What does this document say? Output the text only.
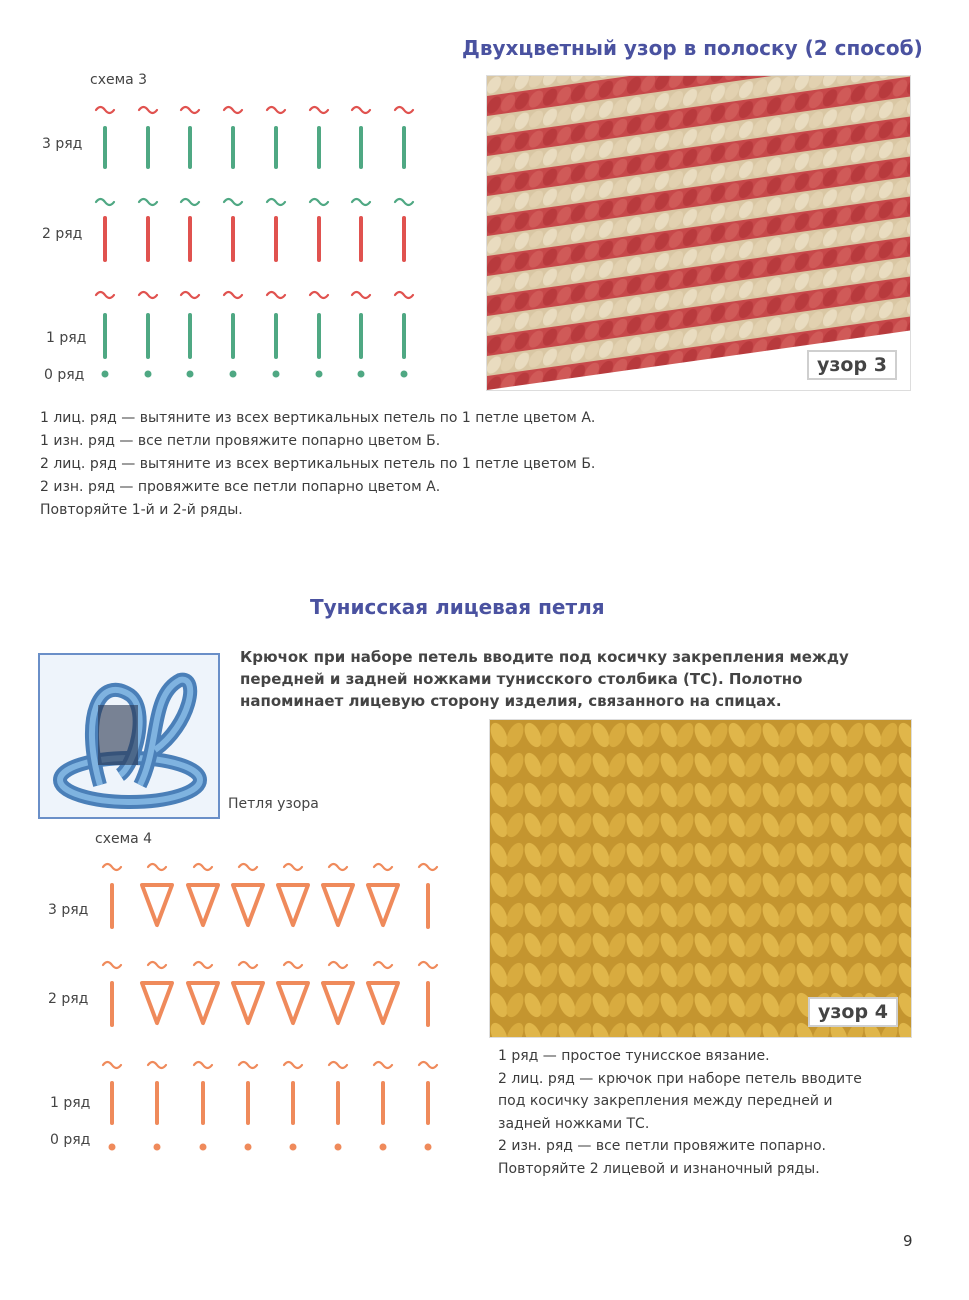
Двухцветный узор в полоску (2 способ)
схема 3
3 ряд
2 ряд
1 ряд
0 ряд	узор 3
1 лиц. ряд — вытяните из всех вертикальных петель по 1 петле цветом А.
1 изн. ряд — все петли провяжите попарно цветом Б.
2 лиц. ряд — вытяните из всех вертикальных петель по 1 петле цветом Б.
2 изн. ряд — провяжите все петли попарно цветом А.
Повторяйте 1-й и 2-й ряды.
Тунисская лицевая петля
Петля узора
Крючок при наборе петель вводите под косичку закрепления между
передней и задней ножками тунисского столбика (ТС). Полотно
напоминает лицевую сторону изделия, связанного на спицах.
узор 4
схема 4
3 ряд
2 ряд
1 ряд
0 ряд
1 ряд — простое тунисское вязание.
2 лиц. ряд — крючок при наборе петель вводите
под косичку закрепления между передней и
задней ножками ТС.
2 изн. ряд — все петли провяжите попарно.
Повторяйте 2 лицевой и изнаночный ряды.
9
